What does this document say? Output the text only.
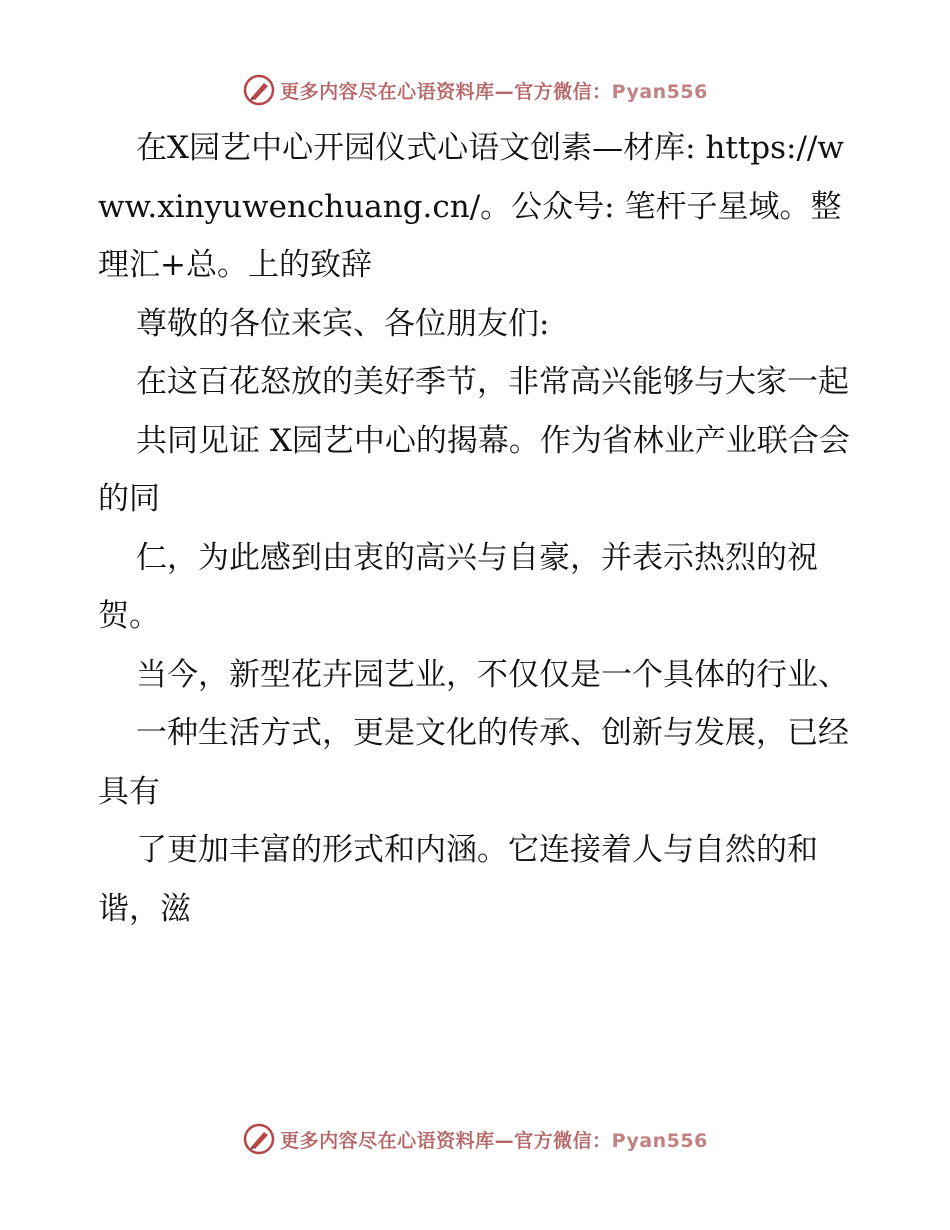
更多内容尽在心语资料库—官方微信：Pyan556

在X园艺中心开园仪式心语文创素—材库: https://www.xinyuwenchuang.cn/。公众号: 笔杆子星域。整理汇+总。上的致辞

尊敬的各位来宾、各位朋友们:

在这百花怒放的美好季节，非常高兴能够与大家一起

共同见证 X园艺中心的揭幕。作为省林业产业联合会的同

仁，为此感到由衷的高兴与自豪，并表示热烈的祝贺。

当今，新型花卉园艺业，不仅仅是一个具体的行业、

一种生活方式，更是文化的传承、创新与发展，已经具有

了更加丰富的形式和内涵。它连接着人与自然的和谐，滋

更多内容尽在心语资料库—官方微信：Pyan556
